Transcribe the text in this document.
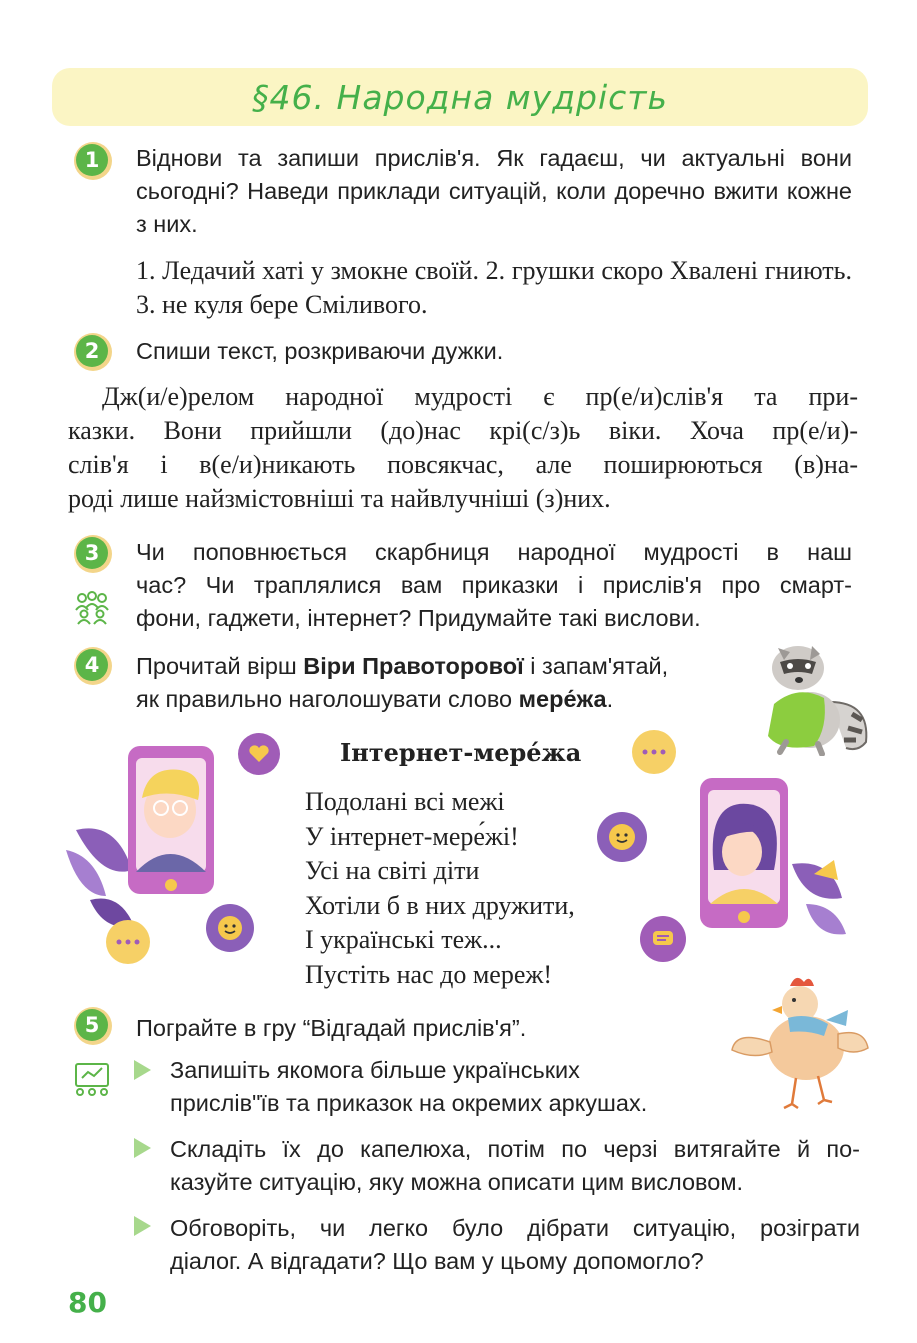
§46. Народна мудрість
1	Віднови та запиши прислів'я. Як гадаєш, чи актуальні вони сьогодні? Наведи приклади ситуацій, коли доречно вжити кожне з них.
1. Ледачий хаті у змокне своїй. 2. грушки скоро Хвалені гниють. 3. не куля бере Сміливого.
2	Спиши текст, розкриваючи дужки.
Дж(и/е)релом народної мудрості є пр(е/и)слів'я та при-
казки. Вони прийшли (до)нас крі(с/з)ь віки. Хоча пр(е/и)-
слів'я і в(е/и)никають повсякчас, але поширюються (в)на-
роді лише найзмістовніші та найвлучніші (з)них.
3	Чи поповнюється скарбниця народної мудрості в наш
час? Чи траплялися вам приказки і прислів'я про смарт-
фони, гаджети, інтернет? Придумайте такі вислови.
4	Прочитай вірш Віри Правоторової і запам'ятай,
як правильно наголошувати слово мере́жа.
Інтернет-мере́жа
Подолані всі межі
У інтернет-мере́жі!
Усі на світі діти
Хотіли б в них дружити,
І українські теж...
Пустіть нас до мереж!
5	Пограйте в гру “Відгадай прислів'я”.
Запишіть якомога більше українських
прислів"їв та приказок на окремих аркушах.
Складіть їх до капелюха, потім по черзі витягайте й по-
казуйте ситуацію, яку можна описати цим висловом.
Обговоріть, чи легко було дібрати ситуацію, розіграти
діалог. А відгадати? Що вам у цьому допомогло?
80
